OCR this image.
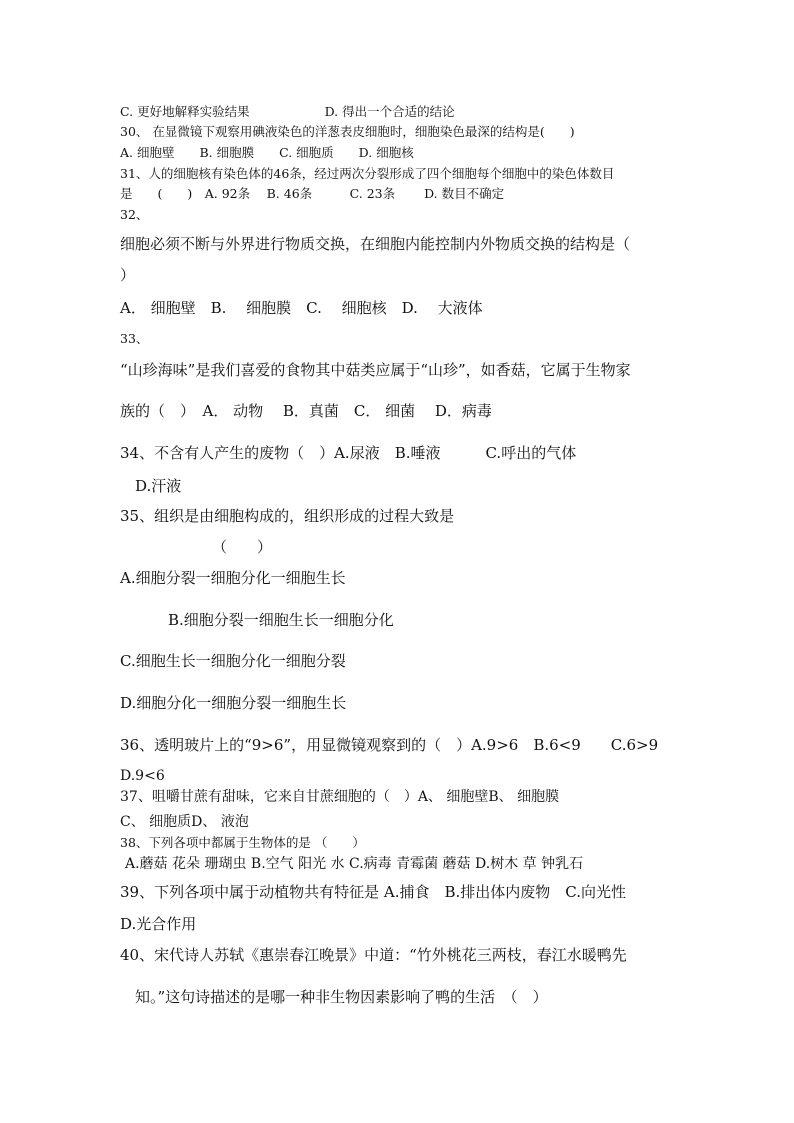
C. 更好地解释实验结果　　　　　　D. 得出一个合适的结论
30、 在显微镜下观察用碘液染色的洋葱表皮细胞时，细胞染色最深的结构是(　　)
A. 细胞壁　　B. 细胞膜　　C. 细胞质　　D. 细胞核
31、人的细胞核有染色体的46条，经过两次分裂形成了四个细胞每个细胞中的染色体数目
是　　(　　)　A. 92条　 B. 46条　　　C. 23条　　 D. 数目不确定
32、
细胞必须不断与外界进行物质交换，在细胞内能控制内外物质交换的结构是（
）
A． 细胞壁　B.　 细胞膜　C.　 细胞核　D.　 大液体
33、
“山珍海味”是我们喜爱的食物其中菇类应属于“山珍”，如香菇，它属于生物家
族的（　）　A． 动物　 B．真菌　C． 细菌　 D．病毒
34、不含有人产生的废物（　）A.尿液　B.唾液　　　C.呼出的气体
D.汗液
35、组织是由细胞构成的，组织形成的过程大致是
（　　）
A.细胞分裂一细胞分化一细胞生长
B.细胞分裂一细胞生长一细胞分化
C.细胞生长一细胞分化一细胞分裂
D.细胞分化一细胞分裂一细胞生长
36、透明玻片上的“9>6”，用显微镜观察到的（　）A.9>6　B.6<9　　C.6>9
D.9<6
37、咀嚼甘蔗有甜味，它来自甘蔗细胞的（　）A、 细胞壁B、 细胞膜
C、 细胞质D、 液泡
38、下列各项中都属于生物体的是 （　　）
A.蘑菇 花朵 珊瑚虫 B.空气 阳光 水 C.病毒 青霉菌 蘑菇 D.树木 草 钟乳石
39、下列各项中属于动植物共有特征是 A.捕食　B.排出体内废物　C.向光性
D.光合作用
40、宋代诗人苏轼《惠崇春江晚景》中道：“竹外桃花三两枝，春江水暖鸭先
知。”这句诗描述的是哪一种非生物因素影响了鸭的生活　（　）
